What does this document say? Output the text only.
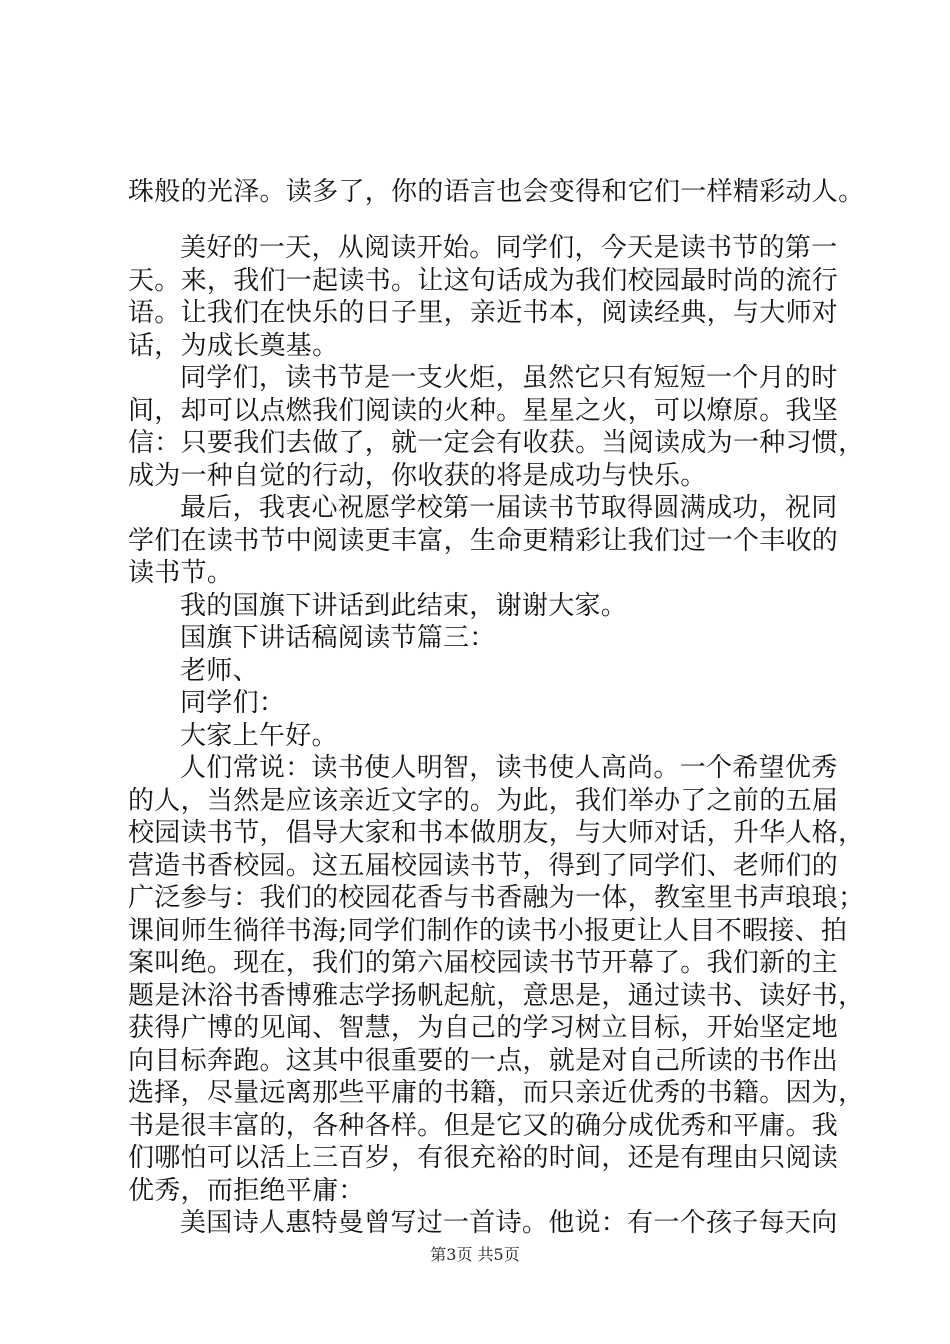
珠般的光泽。读多了，你的语言也会变得和它们一样精彩动人。
美好的一天，从阅读开始。同学们，今天是读书节的第一
天。来，我们一起读书。让这句话成为我们校园最时尚的流行
语。让我们在快乐的日子里，亲近书本，阅读经典，与大师对
话，为成长奠基。
同学们，读书节是一支火炬，虽然它只有短短一个月的时
间，却可以点燃我们阅读的火种。星星之火，可以燎原。我坚
信：只要我们去做了，就一定会有收获。当阅读成为一种习惯，
成为一种自觉的行动，你收获的将是成功与快乐。
最后，我衷心祝愿学校第一届读书节取得圆满成功，祝同
学们在读书节中阅读更丰富，生命更精彩让我们过一个丰收的
读书节。
我的国旗下讲话到此结束，谢谢大家。
国旗下讲话稿阅读节篇三：
老师、
同学们：
大家上午好。
人们常说：读书使人明智，读书使人高尚。一个希望优秀
的人，当然是应该亲近文字的。为此，我们举办了之前的五届
校园读书节，倡导大家和书本做朋友，与大师对话，升华人格，
营造书香校园。这五届校园读书节，得到了同学们、老师们的
广泛参与：我们的校园花香与书香融为一体，教室里书声琅琅；
课间师生徜徉书海;同学们制作的读书小报更让人目不暇接、拍
案叫绝。现在，我们的第六届校园读书节开幕了。我们新的主
题是沐浴书香博雅志学扬帆起航，意思是，通过读书、读好书，
获得广博的见闻、智慧，为自己的学习树立目标，开始坚定地
向目标奔跑。这其中很重要的一点，就是对自己所读的书作出
选择，尽量远离那些平庸的书籍，而只亲近优秀的书籍。因为，
书是很丰富的，各种各样。但是它又的确分成优秀和平庸。我
们哪怕可以活上三百岁，有很充裕的时间，还是有理由只阅读
优秀，而拒绝平庸：
美国诗人惠特曼曾写过一首诗。他说：有一个孩子每天向
第3页 共5页
